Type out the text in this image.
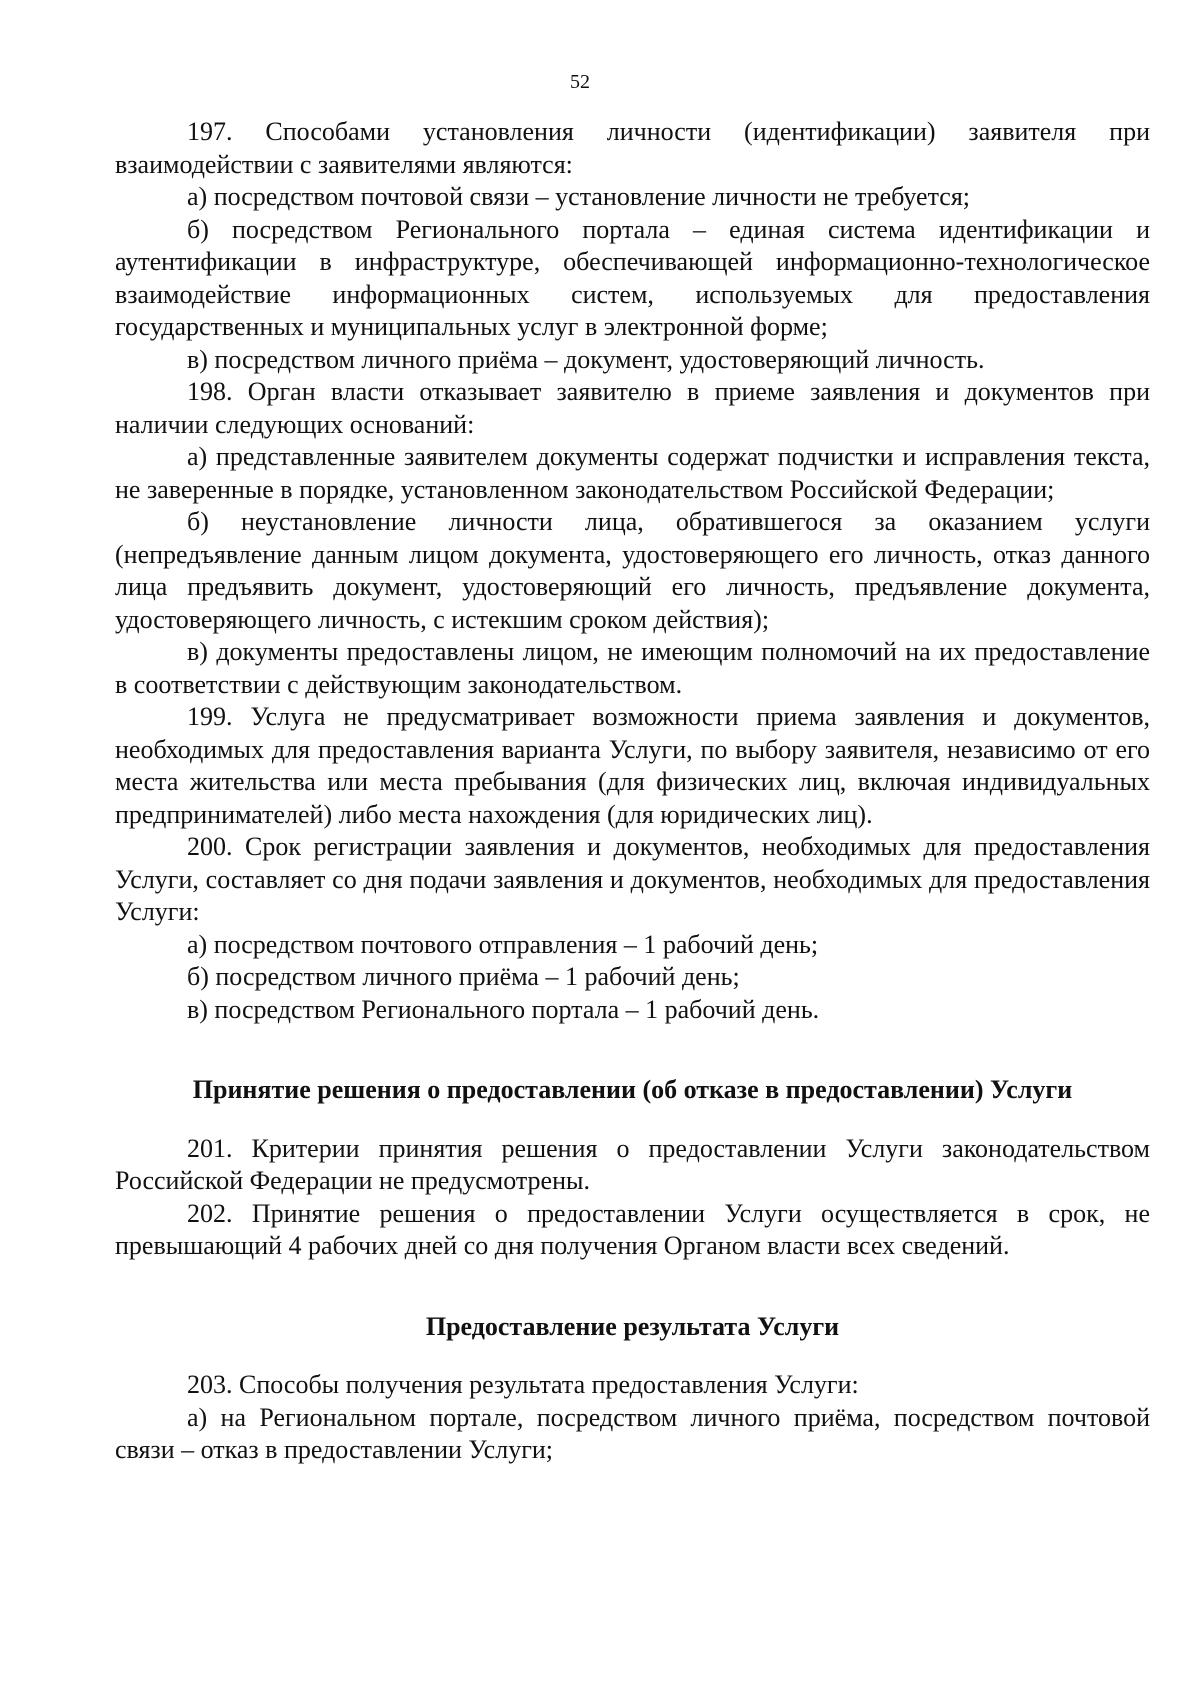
52

197. Способами установления личности (идентификации) заявителя при взаимодействии с заявителями являются:

а) посредством почтовой связи – установление личности не требуется;

б) посредством Регионального портала – единая система идентификации и аутентификации в инфраструктуре, обеспечивающей информационно-технологическое взаимодействие информационных систем, используемых для предоставления государственных и муниципальных услуг в электронной форме;

в) посредством личного приёма – документ, удостоверяющий личность.

198. Орган власти отказывает заявителю в приеме заявления и документов при наличии следующих оснований:

а) представленные заявителем документы содержат подчистки и исправления текста, не заверенные в порядке, установленном законодательством Российской Федерации;

б) неустановление личности лица, обратившегося за оказанием услуги (непредъявление данным лицом документа, удостоверяющего его личность, отказ данного лица предъявить документ, удостоверяющий его личность, предъявление документа, удостоверяющего личность, с истекшим сроком действия);

в) документы предоставлены лицом, не имеющим полномочий на их предоставление в соответствии с действующим законодательством.

199. Услуга не предусматривает возможности приема заявления и документов, необходимых для предоставления варианта Услуги, по выбору заявителя, независимо от его места жительства или места пребывания (для физических лиц, включая индивидуальных предпринимателей) либо места нахождения (для юридических лиц).

200. Срок регистрации заявления и документов, необходимых для предоставления Услуги, составляет со дня подачи заявления и документов, необходимых для предоставления Услуги:

а) посредством почтового отправления – 1 рабочий день;

б) посредством личного приёма – 1 рабочий день;

в) посредством Регионального портала – 1 рабочий день.

Принятие решения о предоставлении (об отказе в предоставлении) Услуги

201. Критерии принятия решения о предоставлении Услуги законодательством Российской Федерации не предусмотрены.

202. Принятие решения о предоставлении Услуги осуществляется в срок, не превышающий 4 рабочих дней со дня получения Органом власти всех сведений.

Предоставление результата Услуги

203. Способы получения результата предоставления Услуги:

а) на Региональном портале, посредством личного приёма, посредством почтовой связи – отказ в предоставлении Услуги;
